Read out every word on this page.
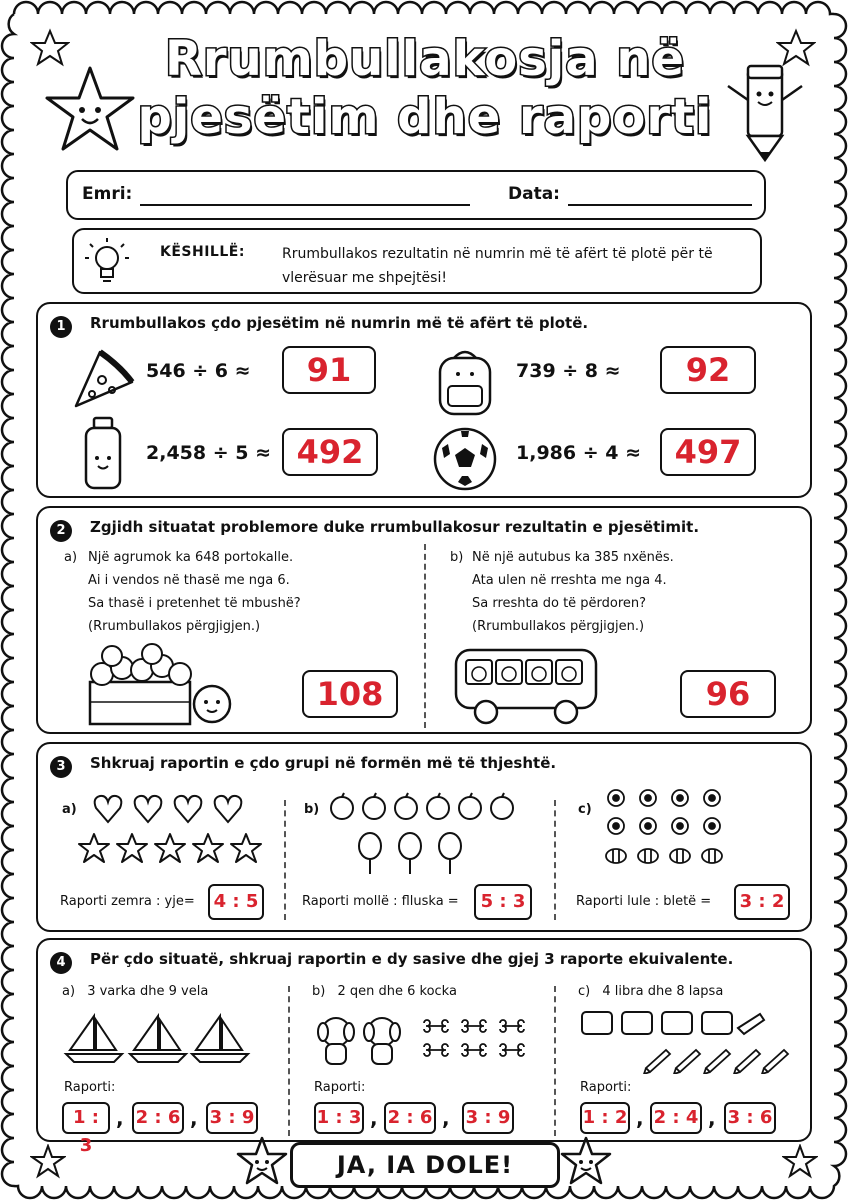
Rrumbullakosja në
pjesëtim dhe raporti
Emri:	Data:
KËSHILLË:	Rrumbullakos rezultatin në numrin më të afërt të plotë për të vlerësuar me shpejtësi!
1	Rrumbullakos çdo pjesëtim në numrin më të afërt të plotë.
546 ÷ 6 ≈	91	739 ÷ 8 ≈	92
2,458 ÷ 5 ≈ 492	1,986 ÷ 4 ≈	497
2	Zgjidh situatat problemore duke rrumbullakosur rezultatin e pjesëtimit.
a) Një agrumok ka 648 portokalle.
Ai i vendos në thasë me nga 6.
Sa thasë i pretenhet të mbushë?
(Rrumbullakos përgjigjen.)
108
b) Në një autubus ka 385 nxënës.
Ata ulen në rreshta me nga 4.
Sa rreshta do të përdoren?
(Rrumbullakos përgjigjen.)
96
3	Shkruaj raportin e çdo grupi në formën më të thjeshtë.
a)
Raporti zemra : yje=	4 : 5
b)
Raporti mollë : flluska =	5 : 3
c)
Raporti lule : bletë =	3 : 2
4	Për çdo situatë, shkruaj raportin e dy sasive dhe gjej 3 raporte ekuivalente.
a) 3 varka dhe 9 vela
Raporti:
1 : 3
, 2 : 6 , 3 : 9
b) 2 qen dhe 6 kocka
Raporti:
1 : 3 , 2 : 6 , 3 : 9
c) 4 libra dhe 8 lapsa
Raporti:
1 : 2 , 2 : 4 , 3 : 6
JA, IA DOLE!
